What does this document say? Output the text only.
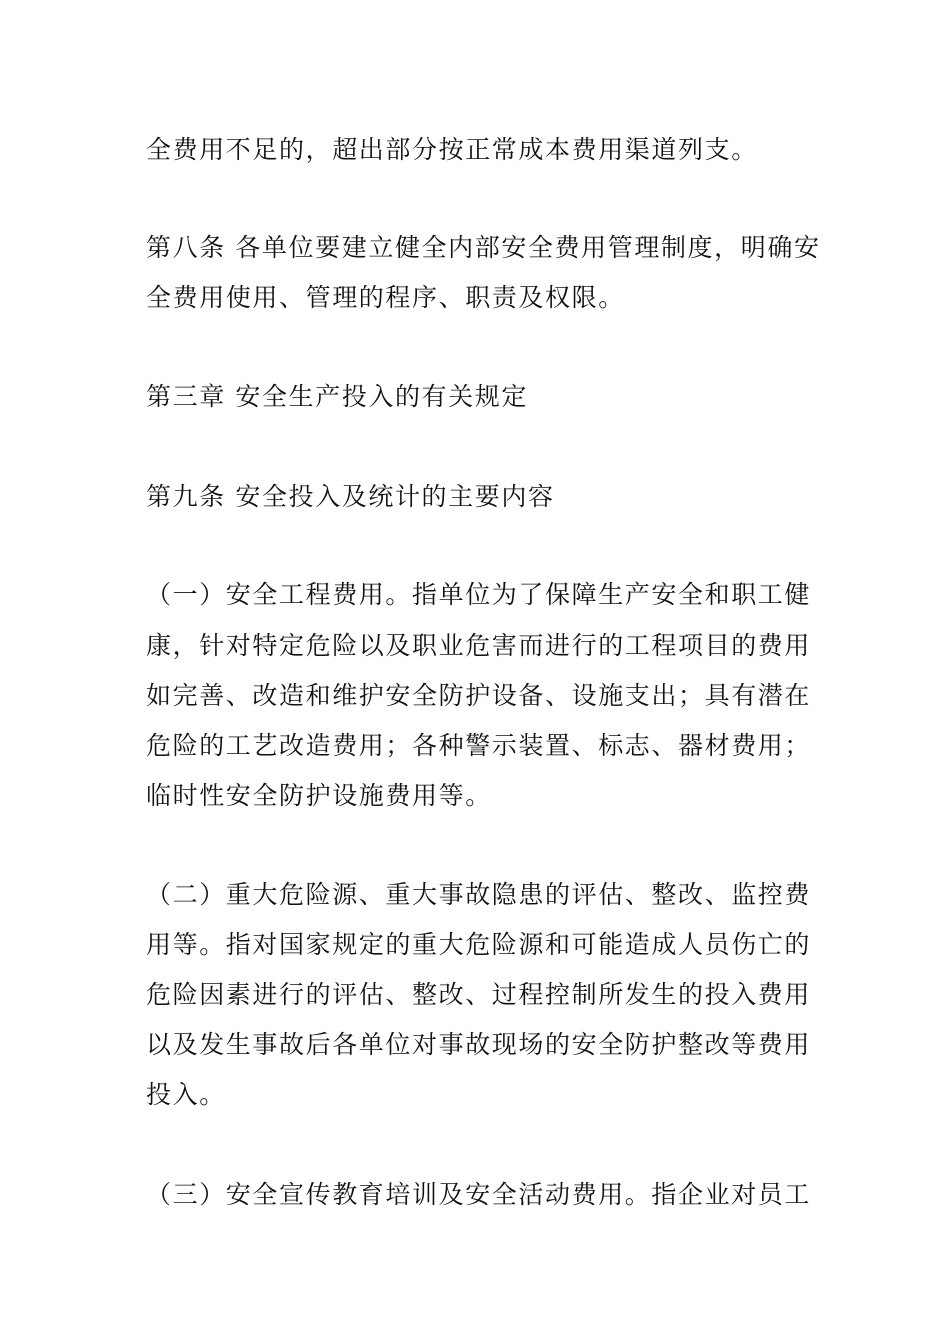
全费用不足的，超出部分按正常成本费用渠道列支。
第八条 各单位要建立健全内部安全费用管理制度，明确安
全费用使用、管理的程序、职责及权限。
第三章 安全生产投入的有关规定
第九条 安全投入及统计的主要内容
（一）安全工程费用。指单位为了保障生产安全和职工健
康，针对特定危险以及职业危害而进行的工程项目的费用
如完善、改造和维护安全防护设备、设施支出；具有潜在
危险的工艺改造费用；各种警示装置、标志、器材费用；
临时性安全防护设施费用等。
（二）重大危险源、重大事故隐患的评估、整改、监控费
用等。指对国家规定的重大危险源和可能造成人员伤亡的
危险因素进行的评估、整改、过程控制所发生的投入费用
以及发生事故后各单位对事故现场的安全防护整改等费用
投入。
（三）安全宣传教育培训及安全活动费用。指企业对员工
